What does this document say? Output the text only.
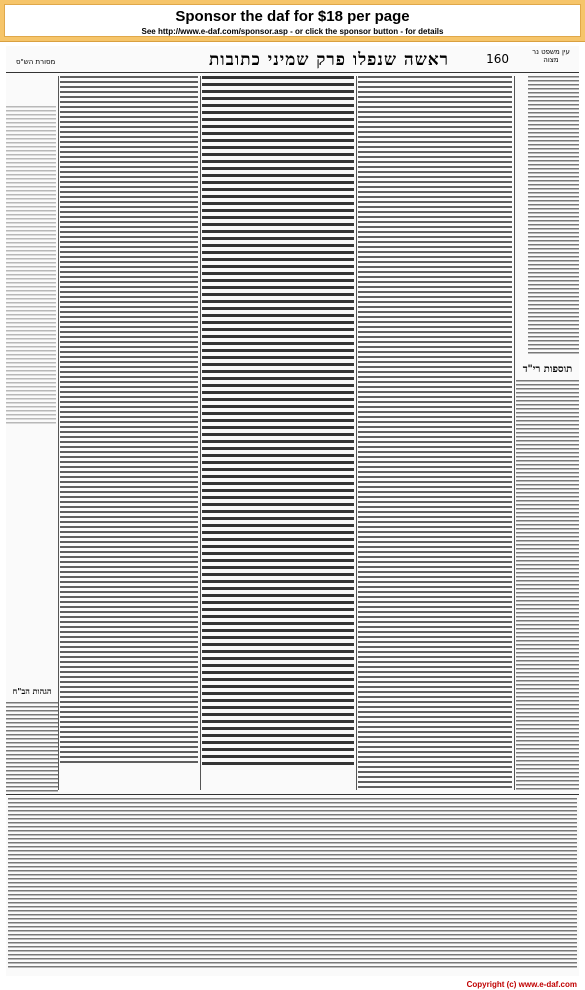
Sponsor the daf for $18 per page
See http://www.e-daf.com/sponsor.asp - or click the sponsor button - for details
מסורת הש"ס	ראשה שנפלו פרק שמיני כתובות	160	עין משפט נר מצוה
תוספות רי"ד
הגהות הב"ח
Copyright (c) www.e-daf.com
